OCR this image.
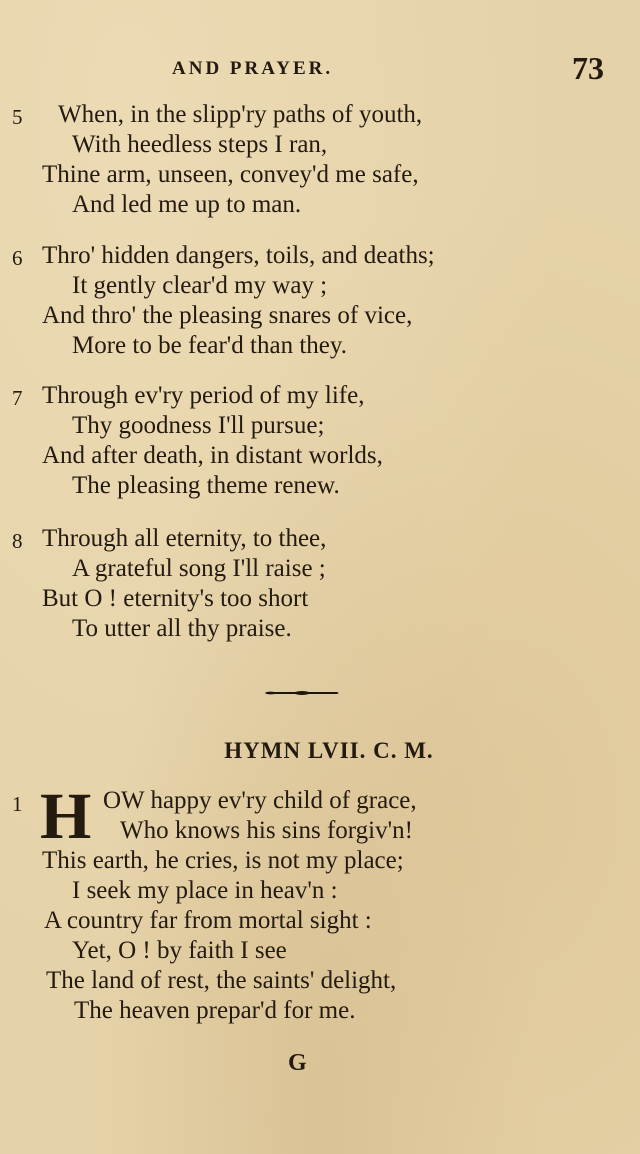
AND PRAYER.	73
5 When, in the slipp'ry paths of youth,
With heedless steps I ran,
Thine arm, unseen, convey'd me safe,
And led me up to man.
6 Thro' hidden dangers, toils, and deaths;
It gently clear'd my way ;
And thro' the pleasing snares of vice,
More to be fear'd than they.
7 Through ev'ry period of my life,
Thy goodness I'll pursue;
And after death, in distant worlds,
The pleasing theme renew.
8 Through all eternity, to thee,
A grateful song I'll raise ;
But O ! eternity's too short
To utter all thy praise.
HYMN LVII. C. M.
1 H OW happy ev'ry child of grace,
Who knows his sins forgiv'n!
This earth, he cries, is not my place;
I seek my place in heav'n :
A country far from mortal sight :
Yet, O ! by faith I see
The land of rest, the saints' delight,
The heaven prepar'd for me.
G
